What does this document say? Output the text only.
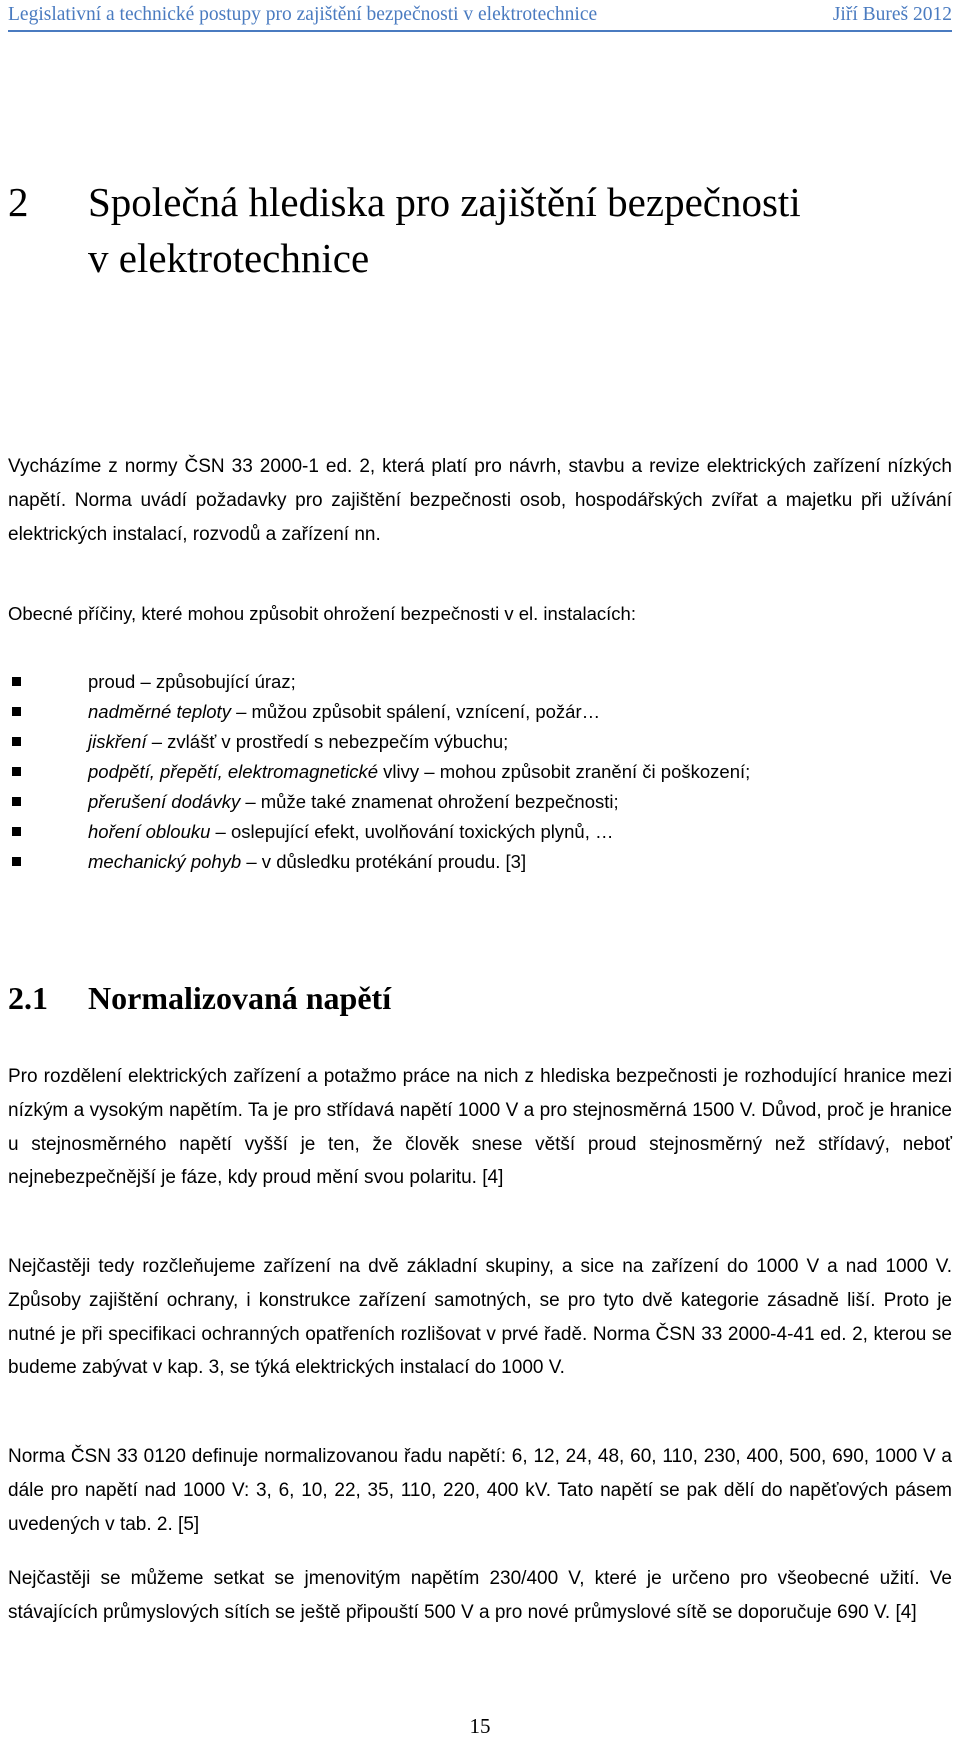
Legislativní a technické postupy pro zajištění bezpečnosti v elektrotechnice	Jiří Bureš 2012
2 Společná hlediska pro zajištění bezpečnosti
v elektrotechnice

Vycházíme z normy ČSN 33 2000-1 ed. 2, která platí pro návrh, stavbu a revize elektrických zařízení nízkých napětí. Norma uvádí požadavky pro zajištění bezpečnosti osob, hospodářských zvířat a majetku při užívání elektrických instalací, rozvodů a zařízení nn.

Obecné příčiny, které mohou způsobit ohrožení bezpečnosti v el. instalacích:

proud – způsobující úraz;
nadměrné teploty – můžou způsobit spálení, vznícení, požár…
jiskření – zvlášť v prostředí s nebezpečím výbuchu;
podpětí, přepětí, elektromagnetické vlivy – mohou způsobit zranění či poškození;
přerušení dodávky – může také znamenat ohrožení bezpečnosti;
hoření oblouku – oslepující efekt, uvolňování toxických plynů, …
mechanický pohyb – v důsledku protékání proudu. [3]
2.1 Normalizovaná napětí

Pro rozdělení elektrických zařízení a potažmo práce na nich z hlediska bezpečnosti je rozhodující hranice mezi nízkým a vysokým napětím. Ta je pro střídavá napětí 1000 V a pro stejnosměrná 1500 V. Důvod, proč je hranice u stejnosměrného napětí vyšší je ten, že člověk snese větší proud stejnosměrný než střídavý, neboť nejnebezpečnější je fáze, kdy proud mění svou polaritu. [4]

Nejčastěji tedy rozčleňujeme zařízení na dvě základní skupiny, a sice na zařízení do 1000 V a nad 1000 V. Způsoby zajištění ochrany, i konstrukce zařízení samotných, se pro tyto dvě kategorie zásadně liší. Proto je nutné je při specifikaci ochranných opatřeních rozlišovat v prvé řadě. Norma ČSN 33 2000-4-41 ed. 2, kterou se budeme zabývat v kap. 3, se týká elektrických instalací do 1000 V.

Norma ČSN 33 0120 definuje normalizovanou řadu napětí: 6, 12, 24, 48, 60, 110, 230, 400, 500, 690, 1000 V a dále pro napětí nad 1000 V: 3, 6, 10, 22, 35, 110, 220, 400 kV. Tato napětí se pak dělí do napěťových pásem uvedených v tab. 2. [5]

Nejčastěji se můžeme setkat se jmenovitým napětím 230/400 V, které je určeno pro všeobecné užití. Ve stávajících průmyslových sítích se ještě připouští 500 V a pro nové průmyslové sítě se doporučuje 690 V. [4]

15
